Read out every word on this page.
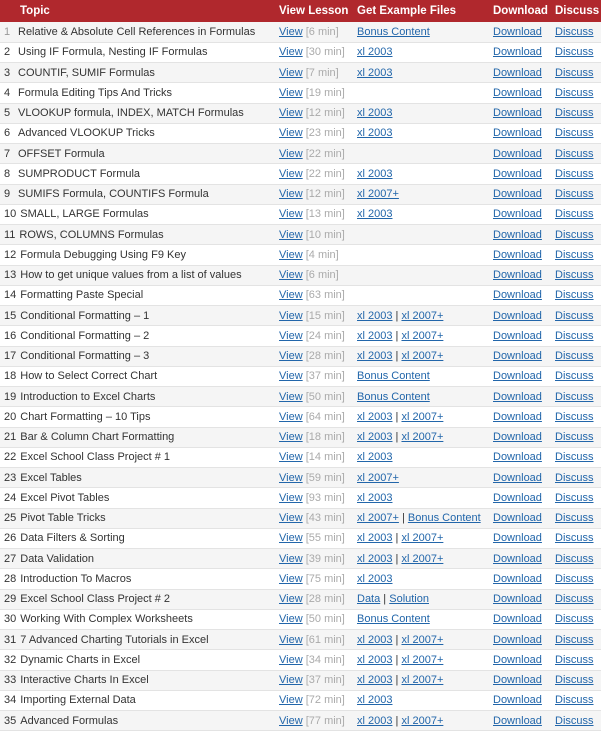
Topic	View Lesson	Get Example Files	Download	Discuss
1 Relative & Absolute Cell References in Formulas	View [6 min]	Bonus Content	Download	Discuss
2 Using IF Formula, Nesting IF Formulas	View [30 min]	xl 2003	Download	Discuss
3 COUNTIF, SUMIF Formulas	View [7 min]	xl 2003	Download	Discuss
4 Formula Editing Tips And Tricks	View [19 min]		Download	Discuss
5 VLOOKUP formula, INDEX, MATCH Formulas	View [12 min]	xl 2003	Download	Discuss
6 Advanced VLOOKUP Tricks	View [23 min]	xl 2003	Download	Discuss
7 OFFSET Formula	View [22 min]		Download	Discuss
8 SUMPRODUCT Formula	View [22 min]	xl 2003	Download	Discuss
9 SUMIFS Formula, COUNTIFS Formula	View [12 min]	xl 2007+	Download	Discuss
10 SMALL, LARGE Formulas	View [13 min]	xl 2003	Download	Discuss
11 ROWS, COLUMNS Formulas	View [10 min]		Download	Discuss
12 Formula Debugging Using F9 Key	View [4 min]		Download	Discuss
13 How to get unique values from a list of values	View [6 min]		Download	Discuss
14 Formatting Paste Special	View [63 min]		Download	Discuss
15 Conditional Formatting – 1	View [15 min]	xl 2003 | xl 2007+	Download	Discuss
16 Conditional Formatting – 2	View [24 min]	xl 2003 | xl 2007+	Download	Discuss
17 Conditional Formatting – 3	View [28 min]	xl 2003 | xl 2007+	Download	Discuss
18 How to Select Correct Chart	View [37 min]	Bonus Content	Download	Discuss
19 Introduction to Excel Charts	View [50 min]	Bonus Content	Download	Discuss
20 Chart Formatting – 10 Tips	View [64 min]	xl 2003 | xl 2007+	Download	Discuss
21 Bar & Column Chart Formatting	View [18 min]	xl 2003 | xl 2007+	Download	Discuss
22 Excel School Class Project # 1	View [14 min]	xl 2003	Download	Discuss
23 Excel Tables	View [59 min]	xl 2007+	Download	Discuss
24 Excel Pivot Tables	View [93 min]	xl 2003	Download	Discuss
25 Pivot Table Tricks	View [43 min]	xl 2007+ | Bonus Content	Download	Discuss
26 Data Filters & Sorting	View [55 min]	xl 2003 | xl 2007+	Download	Discuss
27 Data Validation	View [39 min]	xl 2003 | xl 2007+	Download	Discuss
28 Introduction To Macros	View [75 min]	xl 2003	Download	Discuss
29 Excel School Class Project # 2	View [28 min]	Data | Solution	Download	Discuss
30 Working With Complex Worksheets	View [50 min]	Bonus Content	Download	Discuss
31 7 Advanced Charting Tutorials in Excel	View [61 min]	xl 2003 | xl 2007+	Download	Discuss
32 Dynamic Charts in Excel	View [34 min]	xl 2003 | xl 2007+	Download	Discuss
33 Interactive Charts In Excel	View [37 min]	xl 2003 | xl 2007+	Download	Discuss
34 Importing External Data	View [72 min]	xl 2003	Download	Discuss
35 Advanced Formulas	View [77 min]	xl 2003 | xl 2007+	Download	Discuss
